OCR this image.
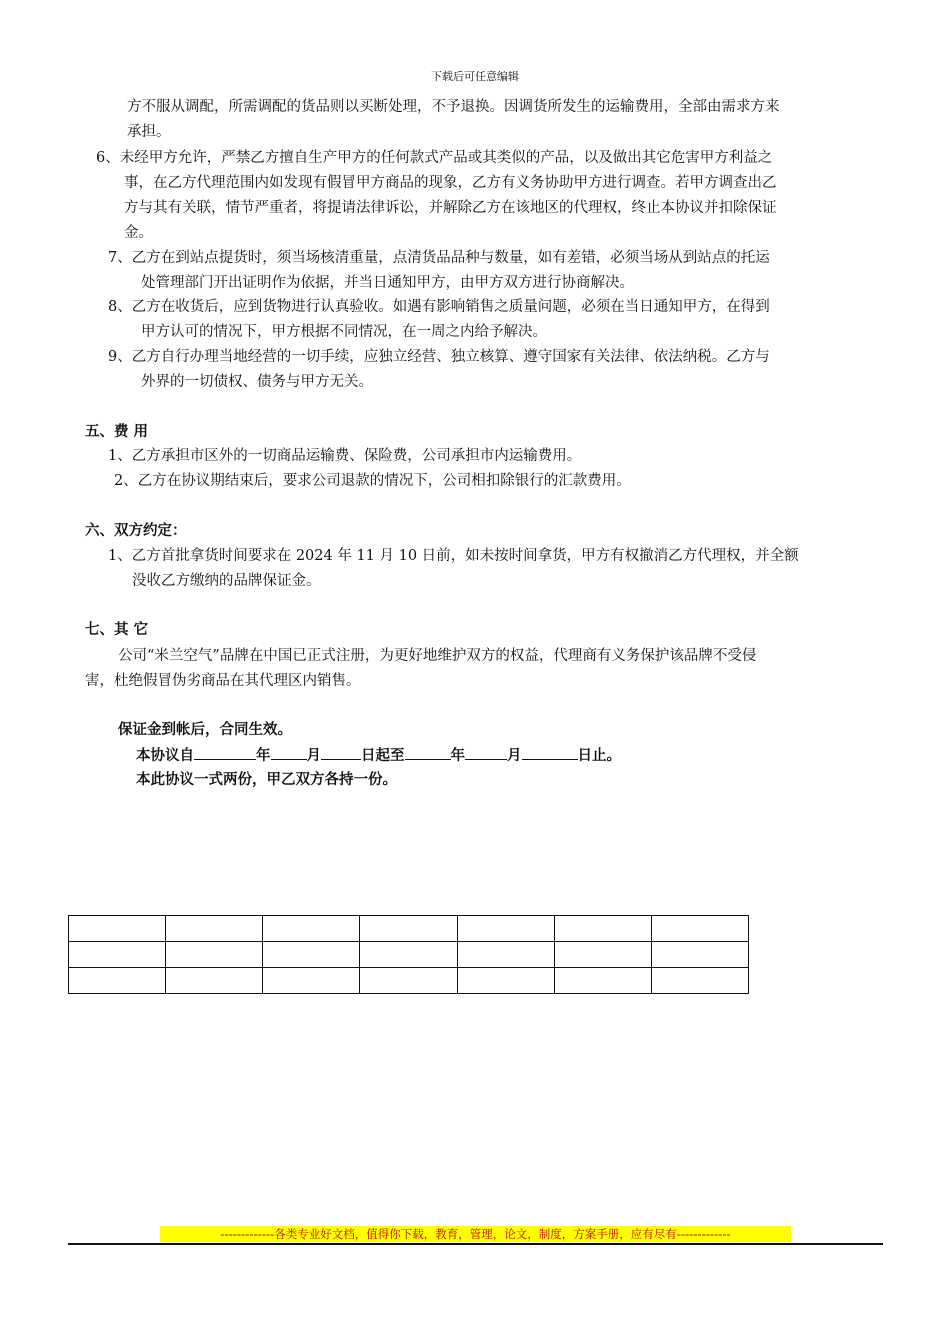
下载后可任意编辑
方不服从调配，所需调配的货品则以买断处理，不予退换。因调货所发生的运输费用，全部由需求方来
承担。
6、未经甲方允许，严禁乙方擅自生产甲方的任何款式产品或其类似的产品，以及做出其它危害甲方利益之
事，在乙方代理范围内如发现有假冒甲方商品的现象，乙方有义务协助甲方进行调查。若甲方调查出乙
方与其有关联，情节严重者，将提请法律诉讼，并解除乙方在该地区的代理权，终止本协议并扣除保证
金。
7、乙方在到站点提货时，须当场核清重量，点清货品品种与数量，如有差错，必须当场从到站点的托运
处管理部门开出证明作为依据，并当日通知甲方，由甲方双方进行协商解决。
8、乙方在收货后，应到货物进行认真验收。如遇有影响销售之质量问题，必须在当日通知甲方，在得到
甲方认可的情况下，甲方根据不同情况，在一周之内给予解决。
9、乙方自行办理当地经营的一切手续，应独立经营、独立核算、遵守国家有关法律、依法纳税。乙方与
外界的一切债权、债务与甲方无关。
五、费 用
1、乙方承担市区外的一切商品运输费、保险费，公司承担市内运输费用。
2、乙方在协议期结束后，要求公司退款的情况下，公司相扣除银行的汇款费用。
六、双方约定：
1、乙方首批拿货时间要求在 2024 年 11 月 10 日前，如未按时间拿货，甲方有权撤消乙方代理权，并全额
没收乙方缴纳的品牌保证金。
七、其 它
公司“米兰空气”品牌在中国已正式注册，为更好地维护双方的权益，代理商有义务保护该品牌不受侵
害，杜绝假冒伪劣商品在其代理区内销售。
保证金到帐后，合同生效。
本协议自	年 月	日起至	年	月	日止。
本此协议一式两份，甲乙双方各持一份。

-------------各类专业好文档，值得你下载，教育，管理，论文，制度，方案手册，应有尽有-------------
